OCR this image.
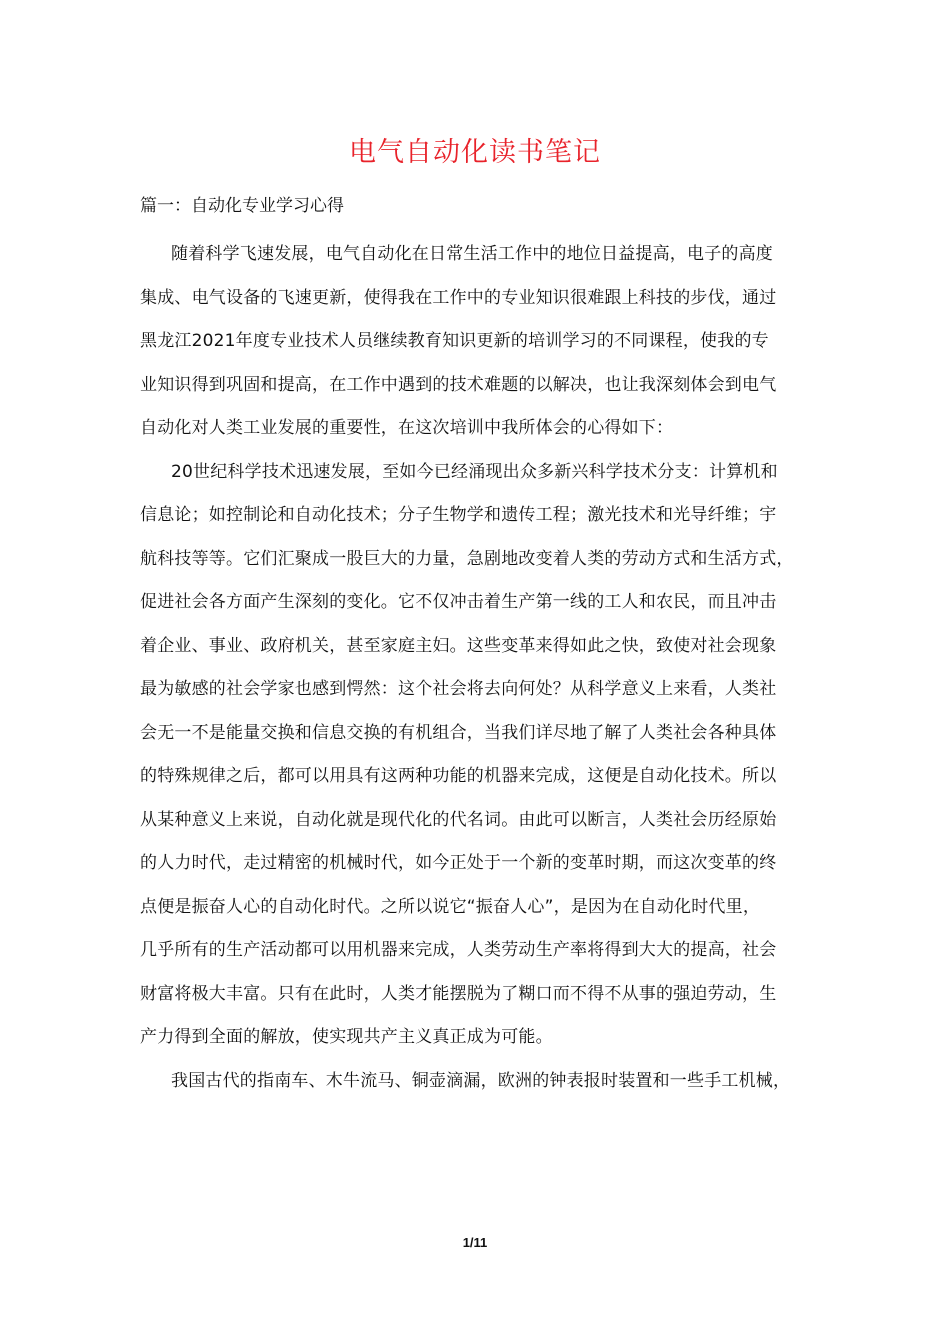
电气自动化读书笔记
篇一：自动化专业学习心得
随着科学飞速发展，电气自动化在日常生活工作中的地位日益提高，电子的高度
集成、电气设备的飞速更新，使得我在工作中的专业知识很难跟上科技的步伐，通过
黑龙江2021年度专业技术人员继续教育知识更新的培训学习的不同课程，使我的专
业知识得到巩固和提高，在工作中遇到的技术难题的以解决，也让我深刻体会到电气
自动化对人类工业发展的重要性，在这次培训中我所体会的心得如下：
20世纪科学技术迅速发展，至如今已经涌现出众多新兴科学技术分支：计算机和
信息论；如控制论和自动化技术；分子生物学和遗传工程；激光技术和光导纤维；宇
航科技等等。它们汇聚成一股巨大的力量，急剧地改变着人类的劳动方式和生活方式，
促进社会各方面产生深刻的变化。它不仅冲击着生产第一线的工人和农民，而且冲击
着企业、事业、政府机关，甚至家庭主妇。这些变革来得如此之快，致使对社会现象
最为敏感的社会学家也感到愕然：这个社会将去向何处？从科学意义上来看，人类社
会无一不是能量交换和信息交换的有机组合，当我们详尽地了解了人类社会各种具体
的特殊规律之后，都可以用具有这两种功能的机器来完成，这便是自动化技术。所以
从某种意义上来说，自动化就是现代化的代名词。由此可以断言，人类社会历经原始
的人力时代，走过精密的机械时代，如今正处于一个新的变革时期，而这次变革的终
点便是振奋人心的自动化时代。之所以说它“振奋人心”，是因为在自动化时代里，
几乎所有的生产活动都可以用机器来完成，人类劳动生产率将得到大大的提高，社会
财富将极大丰富。只有在此时，人类才能摆脱为了糊口而不得不从事的强迫劳动，生
产力得到全面的解放，使实现共产主义真正成为可能。
我国古代的指南车、木牛流马、铜壶滴漏，欧洲的钟表报时装置和一些手工机械，
1/11
